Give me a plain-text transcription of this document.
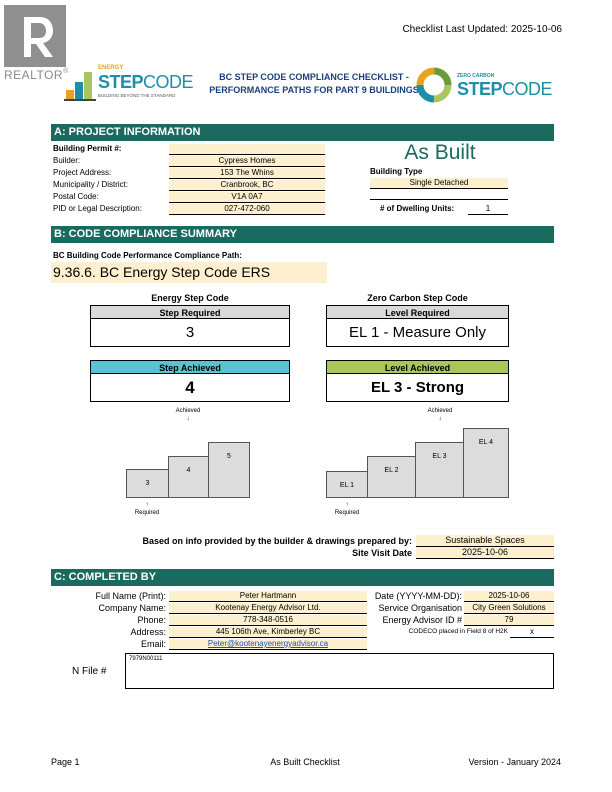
REALTOR®
Checklist Last Updated: 2025-10-06
ENERGY
STEPCODE
BUILDING BEYOND THE STANDARD
BC STEP CODE COMPLIANCE CHECKLIST - PERFORMANCE PATHS FOR PART 9 BUILDINGS
ZERO CARBON
STEPCODE
A: PROJECT INFORMATION
Building Permit #:
Builder:	Cypress Homes
Project Address:	153 The Whins
Municipality / District:	Cranbrook, BC
Postal Code:	V1A 0A7
PID or Legal Description:	027-472-060
As Built
Building Type
Single Detached
# of Dwelling Units:	1
B: CODE COMPLIANCE SUMMARY
BC Building Code Performance Compliance Path:
9.36.6. BC Energy Step Code ERS
Energy Step Code	Zero Carbon Step Code
Step Required
3
Level Required
EL 1 - Measure Only
Step Achieved
4
Level Achieved
EL 3 - Strong
Achieved
↓
3
4
5
↑
Required
Achieved
↓
EL 1
EL 2
EL 3
EL 4
↑
Required
Based on info provided by the builder & drawings prepared by:	Sustainable Spaces
Site Visit Date	2025-10-06
C: COMPLETED BY
Full Name (Print):	Peter Hartmann
Company Name:	Kootenay Energy Advisor Ltd.
Phone:	778-348-0516
Address:	445 106th Ave, Kimberley BC
Email:	Peter@kootenayenergyadvisor.ca
Date (YYYY-MM-DD):	2025-10-06
Service Organisation	City Green Solutions
Energy Advisor ID #	79
CODECO placed in Field 8 of H2K	x
N File #
7979N00111
Page 1	As Built Checklist	Version - January 2024
